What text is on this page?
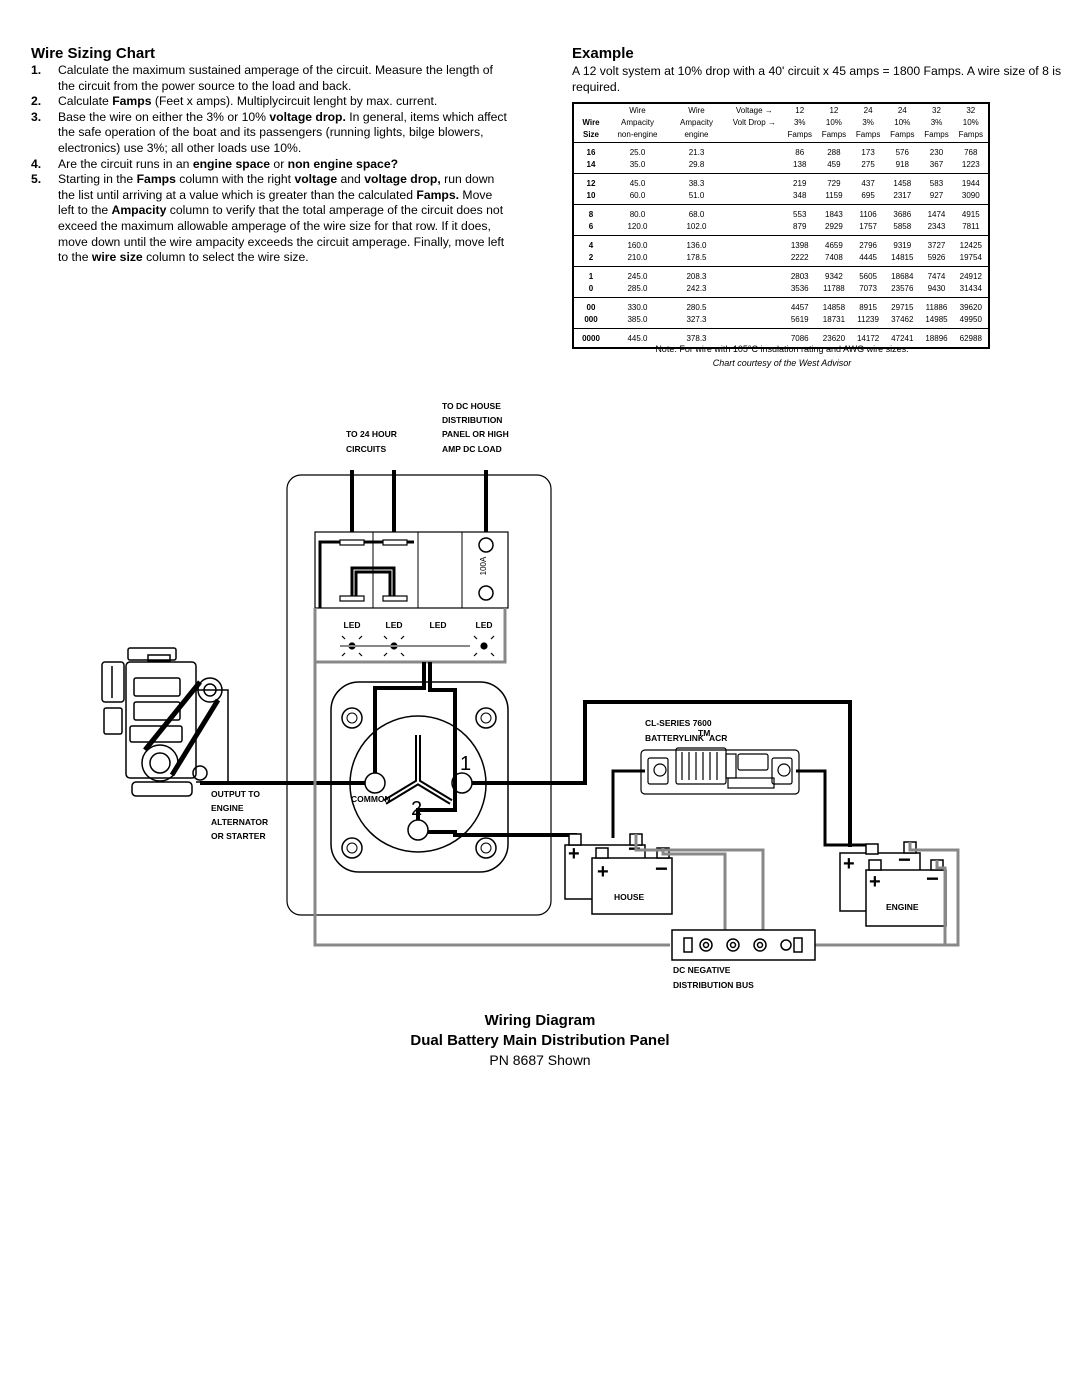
Wire Sizing Chart
1. Calculate the maximum sustained amperage of the circuit. Measure the length of the circuit from the power source to the load and back.
2. Calculate Famps (Feet x amps). Multiplycircuit lenght by max. current.
3. Base the wire on either the 3% or 10% voltage drop. In general, items which affect the safe operation of the boat and its passengers (running lights, bilge blowers, electronics) use 3%; all other loads use 10%.
4. Are the circuit runs in an engine space or non engine space?
5. Starting in the Famps column with the right voltage and voltage drop, run down the list until arriving at a value which is greater than the calculated Famps. Move left to the Ampacity column to verify that the total amperage of the circuit does not exceed the maximum allowable amperage of the wire size for that row. If it does, move down until the wire ampacity exceeds the circuit amperage. Finally, move left to the wire size column to select the wire size.
Example

A 12 volt system at 10% drop with a 40' circuit x 45 amps = 1800 Famps. A wire size of 8 is required.

	Wire	Wire	Voltage →	12	12	24	24	32	32
Wire	Ampacity	Ampacity	Volt Drop →	3%	10%	3%	10%	3%	10%
Size	non-engine	engine		Famps	Famps	Famps	Famps	Famps	Famps
16	25.0	21.3		86	288	173	576	230	768
14	35.0	29.8		138	459	275	918	367	1223
12	45.0	38.3		219	729	437	1458	583	1944
10	60.0	51.0		348	1159	695	2317	927	3090
8	80.0	68.0		553	1843	1106	3686	1474	4915
6	120.0	102.0		879	2929	1757	5858	2343	7811
4	160.0	136.0		1398	4659	2796	9319	3727	12425
2	210.0	178.5		2222	7408	4445	14815	5926	19754
1	245.0	208.3		2803	9342	5605	18684	7474	24912
0	285.0	242.3		3536	11788	7073	23576	9430	31434
00	330.0	280.5		4457	14858	8915	29715	11886	39620
000	385.0	327.3		5619	18731	11239	37462	14985	49950
0000	445.0	378.3		7086	23620	14172	47241	18896	62988

Note: For wire with 105°C insulation rating and AWG wire sizes.

Chart courtesy of the West Advisor

TO DC HOUSE
DISTRIBUTION
PANEL OR HIGH
AMP DC LOAD
TO 24 HOUR
CIRCUITS
100A
LED	LED	LED	LED
1
2
COMMON
OUTPUT TO
ENGINE
ALTERNATOR
OR STARTER
CL-SERIES 7600
BATTERYLINK
TM
ACR
+ −
+ −
HOUSE
+ −
+ −
ENGINE
DC NEGATIVE
DISTRIBUTION BUS

Wiring Diagram

Dual Battery Main Distribution Panel

PN 8687 Shown
